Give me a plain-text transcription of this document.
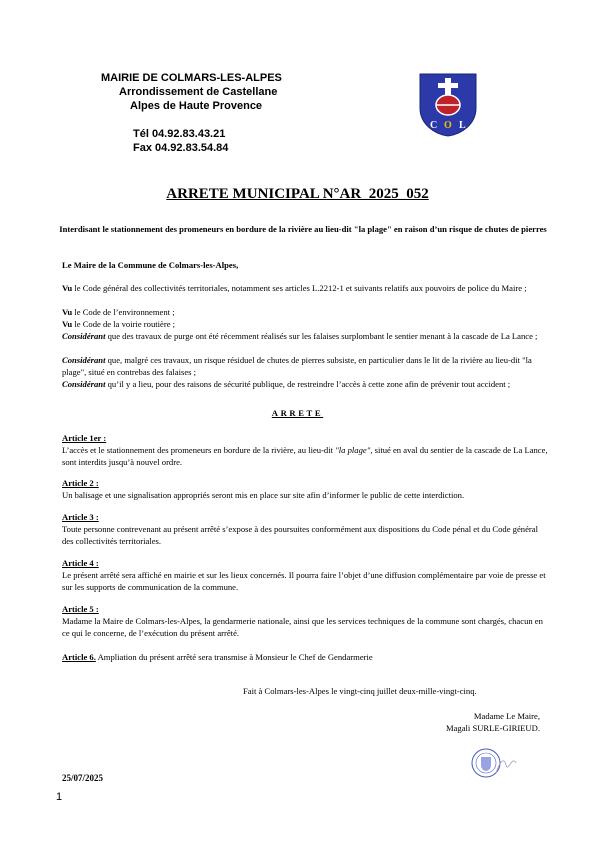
MAIRIE DE COLMARS-LES-ALPES
Arrondissement de Castellane
Alpes de Haute Provence
Tél 04.92.83.43.21
Fax 04.92.83.54.84
C O L
ARRETE MUNICIPAL N°AR_2025_052
Interdisant le stationnement des promeneurs en bordure de la rivière au lieu-dit "la plage" en raison d’un risque de chutes de pierres
Le Maire de la Commune de Colmars-les-Alpes,
Vu le Code général des collectivités territoriales, notamment ses articles L.2212-1 et suivants relatifs aux pouvoirs de police du Maire ;
Vu le Code de l’environnement ;
Vu le Code de la voirie routière ;
Considérant que des travaux de purge ont été récemment réalisés sur les falaises surplombant le sentier menant à la cascade de La Lance ;
Considérant que, malgré ces travaux, un risque résiduel de chutes de pierres subsiste, en particulier dans le lit de la rivière au lieu-dit "la plage", situé en contrebas des falaises ;
Considérant qu’il y a lieu, pour des raisons de sécurité publique, de restreindre l’accès à cette zone afin de prévenir tout accident ;
ARRETE
Article 1er :
L’accès et le stationnement des promeneurs en bordure de la rivière, au lieu-dit "la plage", situé en aval du sentier de la cascade de La Lance, sont interdits jusqu’à nouvel ordre.
Article 2 :
Un balisage et une signalisation appropriés seront mis en place sur site afin d’informer le public de cette interdiction.
Article 3 :
Toute personne contrevenant au présent arrêté s’expose à des poursuites conformément aux dispositions du Code pénal et du Code général des collectivités territoriales.
Article 4 :
Le présent arrêté sera affiché en mairie et sur les lieux concernés. Il pourra faire l’objet d’une diffusion complémentaire par voie de presse et sur les supports de communication de la commune.
Article 5 :
Madame la Maire de Colmars-les-Alpes, la gendarmerie nationale, ainsi que les services techniques de la commune sont chargés, chacun en ce qui le concerne, de l’exécution du présent arrêté.
Article 6. Ampliation du présent arrêté sera transmise à Monsieur le Chef de Gendarmerie
Fait à Colmars-les-Alpes le vingt-cinq juillet deux-mille-vingt-cinq.
Madame Le Maire,
Magali SURLE-GIRIEUD.
25/07/2025
1
